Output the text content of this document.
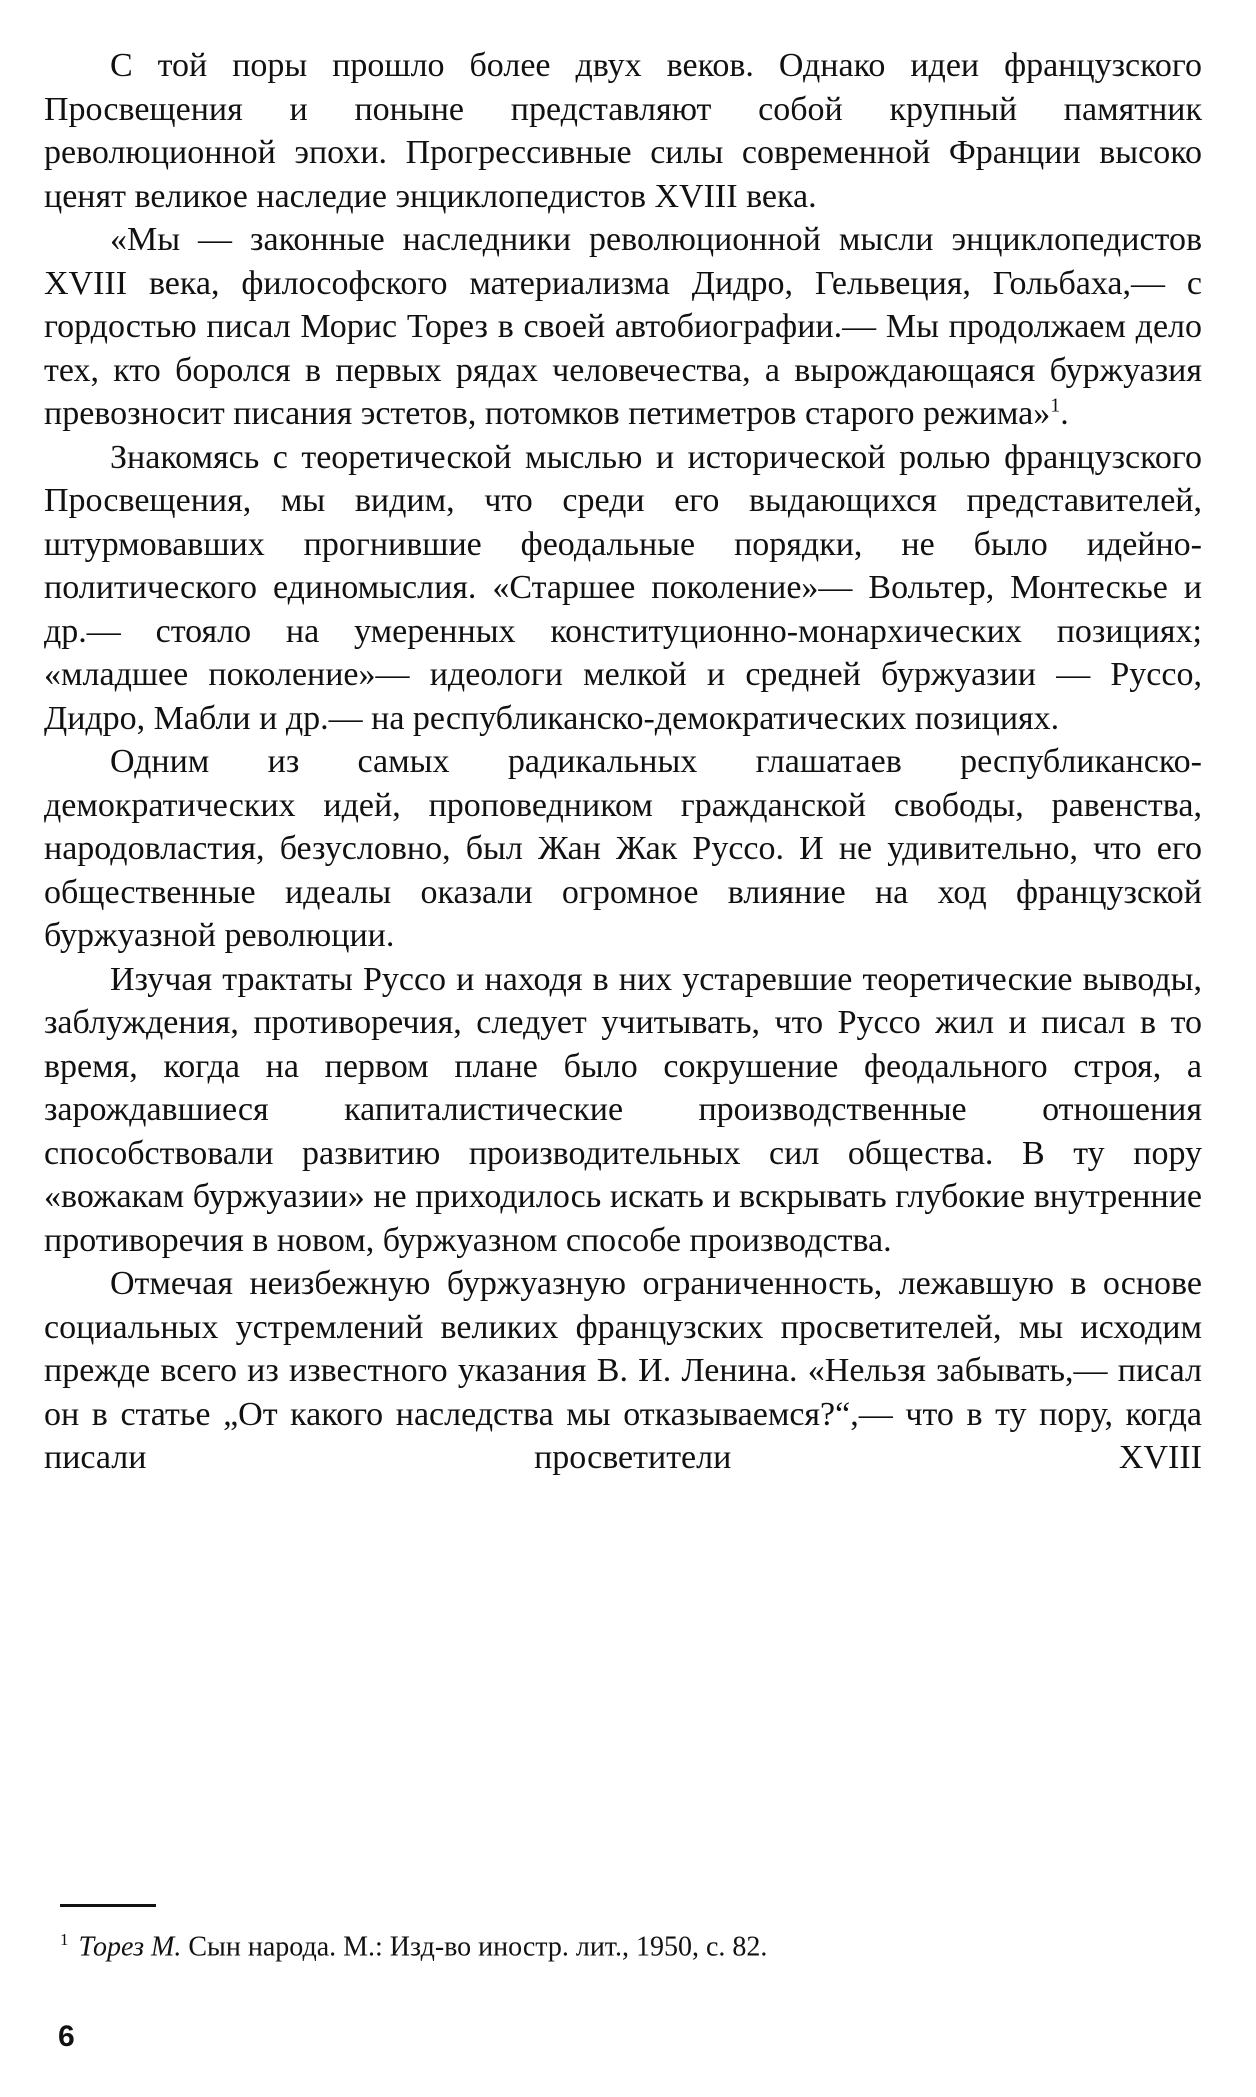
С той поры прошло более двух веков. Однако идеи французского Просвещения и поныне представляют собой крупный памятник революционной эпохи. Прогрессивные силы современной Франции высоко ценят великое наследие энциклопедистов XVIII века.

«Мы — законные наследники революционной мысли энциклопедистов XVIII века, философского материализма Дидро, Гельвеция, Гольбаха,— с гордостью писал Морис Торез в своей автобиографии.— Мы продолжаем дело тех, кто боролся в первых рядах человечества, а вырождающаяся буржуазия превозносит писания эстетов, потомков петиметров старого режима»$^1$.

Знакомясь с теоретической мыслью и исторической ролью французского Просвещения, мы видим, что среди его выдающихся представителей, штурмовавших прогнившие феодальные порядки, не было идейно-политического единомыслия. «Старшее поколение»— Вольтер, Монтескье и др.— стояло на умеренных конституционно-монархических позициях; «младшее поколение»— идеологи мелкой и средней буржуазии — Руссо, Дидро, Мабли и др.— на республиканско-демократических позициях.

Одним из самых радикальных глашатаев республиканско-демократических идей, проповедником гражданской свободы, равенства, народовластия, безусловно, был Жан Жак Руссо. И не удивительно, что его общественные идеалы оказали огромное влияние на ход французской буржуазной революции.

Изучая трактаты Руссо и находя в них устаревшие теоретические выводы, заблуждения, противоречия, следует учитывать, что Руссо жил и писал в то время, когда на первом плане было сокрушение феодального строя, а зарождавшиеся капиталистические производственные отношения способствовали развитию производительных сил общества. В ту пору «вожакам буржуазии» не приходилось искать и вскрывать глубокие внутренние противоречия в новом, буржуазном способе производства.

Отмечая неизбежную буржуазную ограниченность, лежавшую в основе социальных устремлений великих французских просветителей, мы исходим прежде всего из известного указания В. И. Ленина. «Нельзя забывать,— писал он в статье „От какого наследства мы отказываемся?“,— что в ту пору, когда писали просветители XVIII

$^1$ Торез М. Сын народа. М.: Изд-во иностр. лит., 1950, с. 82.
6
